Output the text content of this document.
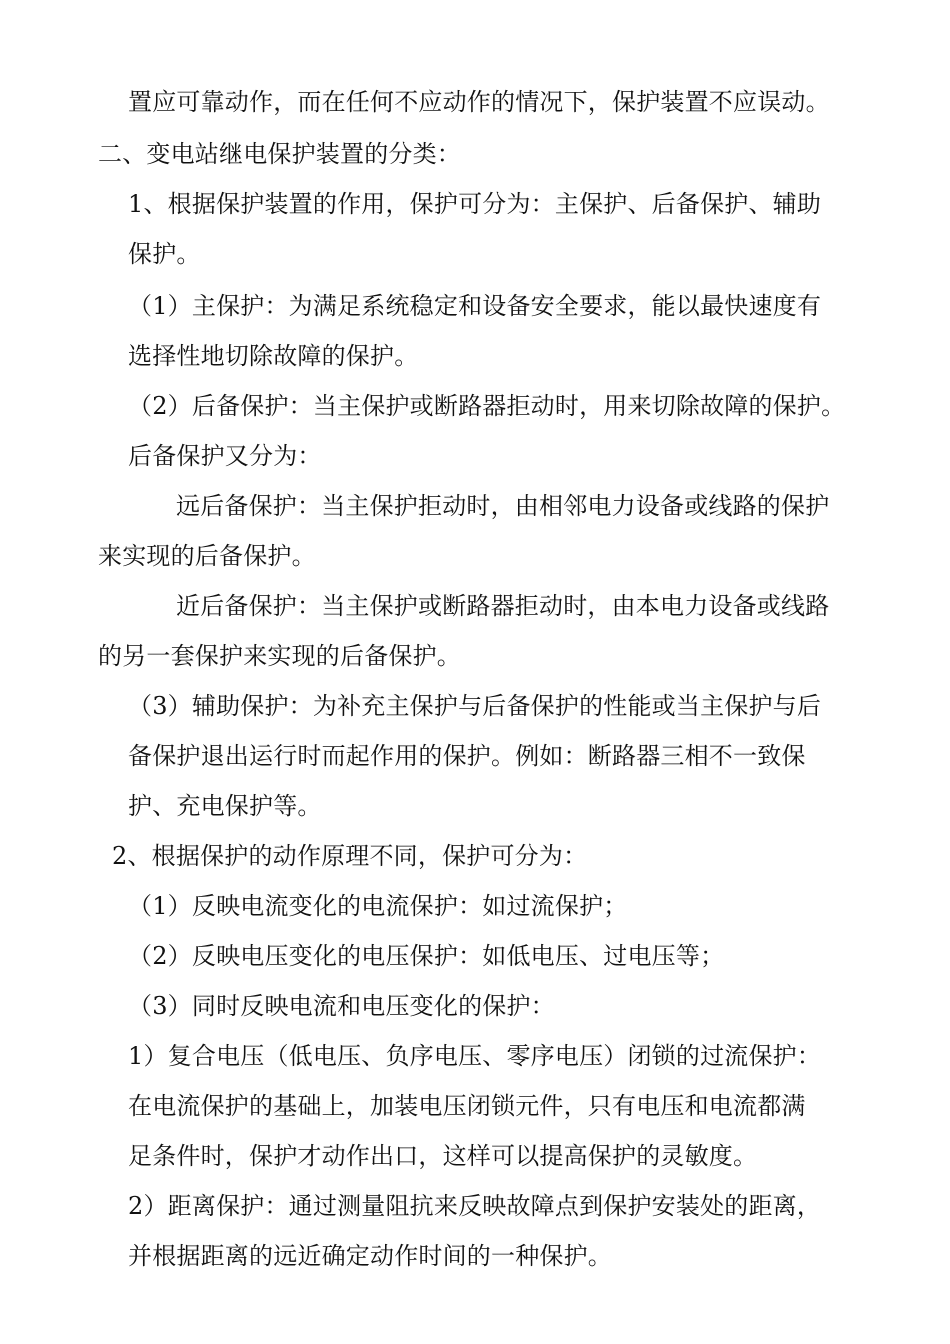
置应可靠动作，而在任何不应动作的情况下，保护装置不应误动。
二、变电站继电保护装置的分类：
1、根据保护装置的作用，保护可分为：主保护、后备保护、辅助
保护。
（1）主保护：为满足系统稳定和设备安全要求，能以最快速度有
选择性地切除故障的保护。
（2）后备保护：当主保护或断路器拒动时，用来切除故障的保护。
后备保护又分为：
远后备保护：当主保护拒动时，由相邻电力设备或线路的保护
来实现的后备保护。
近后备保护：当主保护或断路器拒动时，由本电力设备或线路
的另一套保护来实现的后备保护。
（3）辅助保护：为补充主保护与后备保护的性能或当主保护与后
备保护退出运行时而起作用的保护。例如：断路器三相不一致保
护、充电保护等。
2、根据保护的动作原理不同，保护可分为：
（1）反映电流变化的电流保护：如过流保护；
（2）反映电压变化的电压保护：如低电压、过电压等；
（3）同时反映电流和电压变化的保护：
1）复合电压（低电压、负序电压、零序电压）闭锁的过流保护：
在电流保护的基础上，加装电压闭锁元件，只有电压和电流都满
足条件时，保护才动作出口，这样可以提高保护的灵敏度。
2）距离保护：通过测量阻抗来反映故障点到保护安装处的距离，
并根据距离的远近确定动作时间的一种保护。
